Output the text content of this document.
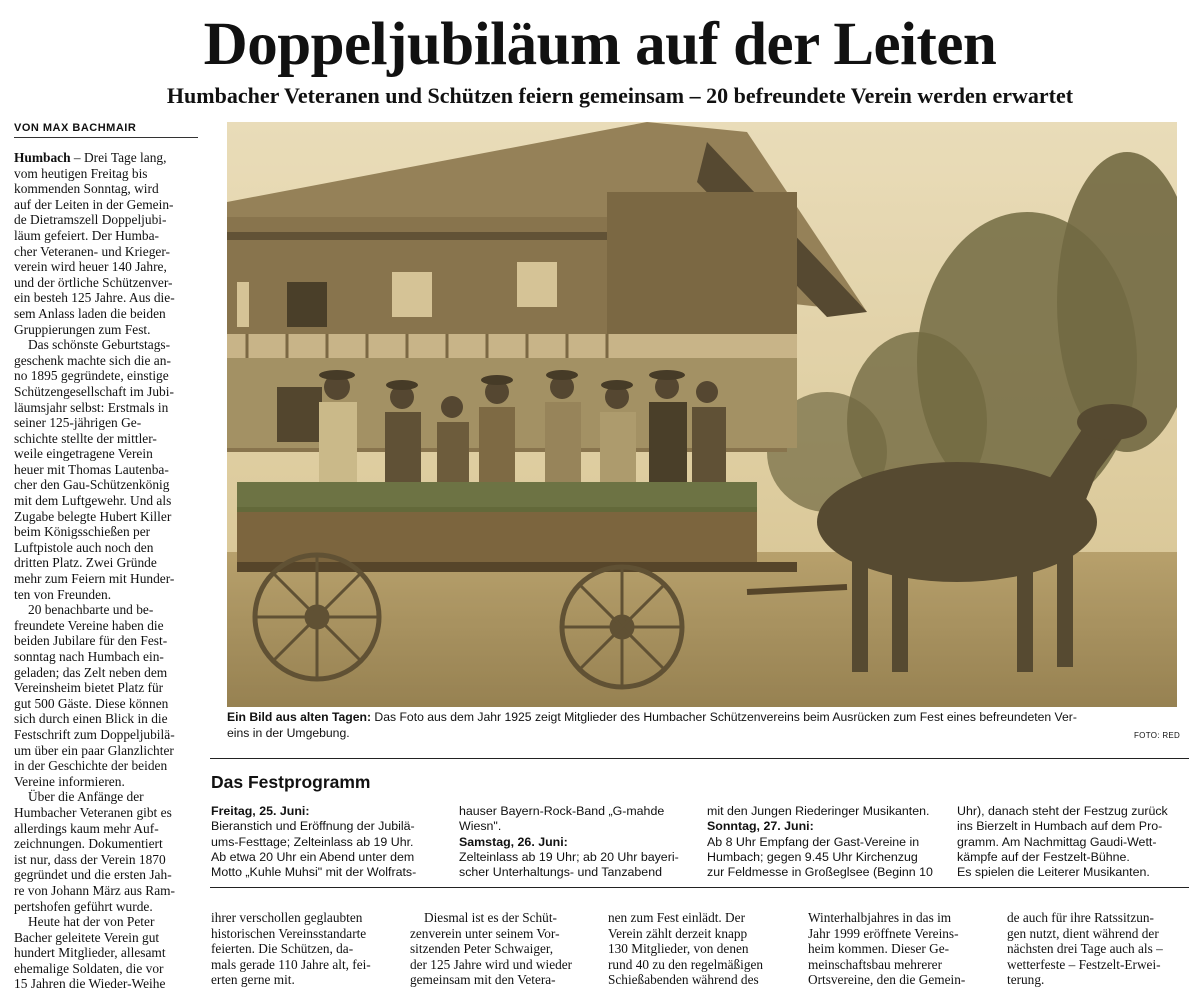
Doppeljubiläum auf der Leiten
Humbacher Veteranen und Schützen feiern gemeinsam – 20 befreundete Verein werden erwartet
VON MAX BACHMAIR

Humbach – Drei Tage lang,
vom heutigen Freitag bis
kommenden Sonntag, wird
auf der Leiten in der Gemein-
de Dietramszell Doppeljubi-
läum gefeiert. Der Humba-
cher Veteranen- und Krieger-
verein wird heuer 140 Jahre,
und der örtliche Schützenver-
ein besteh 125 Jahre. Aus die-
sem Anlass laden die beiden
Gruppierungen zum Fest.

Das schönste Geburtstags-
geschenk machte sich die an-
no 1895 gegründete, einstige
Schützengesellschaft im Jubi-
läumsjahr selbst: Erstmals in
seiner 125-jährigen Ge-
schichte stellte der mittler-
weile eingetragene Verein
heuer mit Thomas Lautenba-
cher den Gau-Schützenkönig
mit dem Luftgewehr. Und als
Zugabe belegte Hubert Killer
beim Königsschießen per
Luftpistole auch noch den
dritten Platz. Zwei Gründe
mehr zum Feiern mit Hunder-
ten von Freunden.

20 benachbarte und be-
freundete Vereine haben die
beiden Jubilare für den Fest-
sonntag nach Humbach ein-
geladen; das Zelt neben dem
Vereinsheim bietet Platz für
gut 500 Gäste. Diese können
sich durch einen Blick in die
Festschrift zum Doppeljubilä-
um über ein paar Glanzlichter
in der Geschichte der beiden
Vereine informieren.

Über die Anfänge der
Humbacher Veteranen gibt es
allerdings kaum mehr Auf-
zeichnungen. Dokumentiert
ist nur, dass der Verein 1870
gegründet und die ersten Jah-
re von Johann März aus Ram-
pertshofen geführt wurde.

Heute hat der von Peter
Bacher geleitete Verein gut
hundert Mitglieder, allesamt
ehemalige Soldaten, die vor
15 Jahren die Wieder-Weihe

Ein Bild aus alten Tagen: Das Foto aus dem Jahr 1925 zeigt Mitglieder des Humbacher Schützenvereins beim Ausrücken zum Fest eines befreundeten Ver-
eins in der Umgebung.	FOTO: RED
Das Festprogramm
Freitag, 25. Juni:
Bieranstich und Eröffnung der Jubilä-
ums-Festtage; Zelteinlass ab 19 Uhr.
Ab etwa 20 Uhr ein Abend unter dem
Motto „Kuhle Muhsi" mit der Wolfrats-
hauser Bayern-Rock-Band „G-mahde
Wiesn".
Samstag, 26. Juni:
Zelteinlass ab 19 Uhr; ab 20 Uhr bayeri-
scher Unterhaltungs- und Tanzabend
mit den Jungen Riederinger Musikanten.
Sonntag, 27. Juni:
Ab 8 Uhr Empfang der Gast-Vereine in
Humbach; gegen 9.45 Uhr Kirchenzug
zur Feldmesse in Großeglsee (Beginn 10
Uhr), danach steht der Festzug zurück
ins Bierzelt in Humbach auf dem Pro-
gramm. Am Nachmittag Gaudi-Wett-
kämpfe auf der Festzelt-Bühne.
Es spielen die Leiterer Musikanten.

ihrer verschollen geglaubten
historischen Vereinsstandarte
feierten. Die Schützen, da-
mals gerade 110 Jahre alt, fei-
erten gerne mit.

Diesmal ist es der Schüt-
zenverein unter seinem Vor-
sitzenden Peter Schwaiger,
der 125 Jahre wird und wieder
gemeinsam mit den Vetera-

nen zum Fest einlädt. Der
Verein zählt derzeit knapp
130 Mitglieder, von denen
rund 40 zu den regelmäßigen
Schießabenden während des

Winterhalbjahres in das im
Jahr 1999 eröffnete Vereins-
heim kommen. Dieser Ge-
meinschaftsbau mehrerer
Ortsvereine, den die Gemein-

de auch für ihre Ratssitzun-
gen nutzt, dient während der
nächsten drei Tage auch als –
wetterfeste – Festzelt-Erwei-
terung.
